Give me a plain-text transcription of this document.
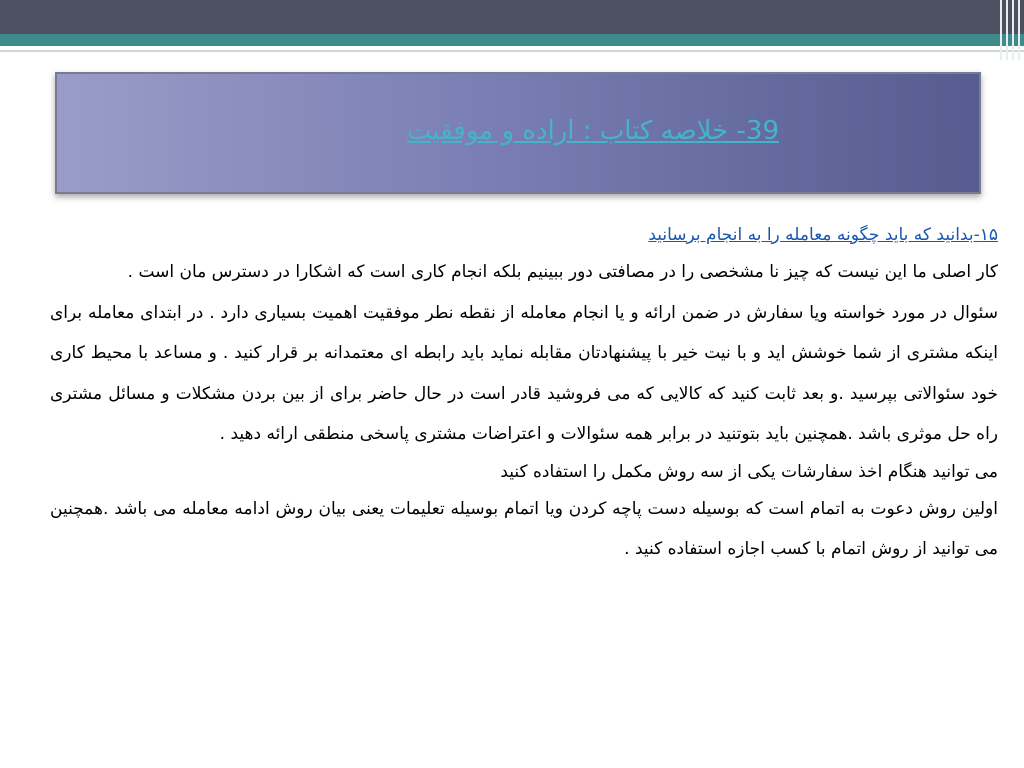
39- خلاصه کتاب : اراده و موفقیت
۱۵-بدانید که باید چگونه معامله را به انجام برسانید

کار اصلی ما این نیست که چیز نا مشخصی را در مصافتی دور ببینیم بلکه انجام کاری است که اشکارا در دسترس مان است .

سئوال در مورد خواسته ویا سفارش در ضمن ارائه و یا انجام معامله از نقطه نطر موفقیت اهمیت بسیاری دارد . در ابتدای معامله برای اینکه مشتری از شما خوشش اید و با نیت خیر با پیشنهادتان مقابله نماید باید رابطه ای معتمدانه بر قرار کنید . و مساعد با محیط کاری خود سئوالاتی بپرسید .و بعد ثابت کنید که کالایی که می فروشید قادر است در حال حاضر برای از بین بردن مشکلات و مسائل مشتری راه حل موثری باشد .همچنین باید بتوتنید در برابر همه سئوالات و اعتراضات مشتری پاسخی منطقی ارائه دهید .

می توانید هنگام اخذ سفارشات یکی از سه روش مکمل را استفاده کنید

اولین روش دعوت به اتمام است که بوسیله دست پاچه کردن ویا اتمام بوسیله تعلیمات یعنی بیان روش ادامه معامله می باشد .همچنین می توانید از روش اتمام با کسب اجازه استفاده کنید .
